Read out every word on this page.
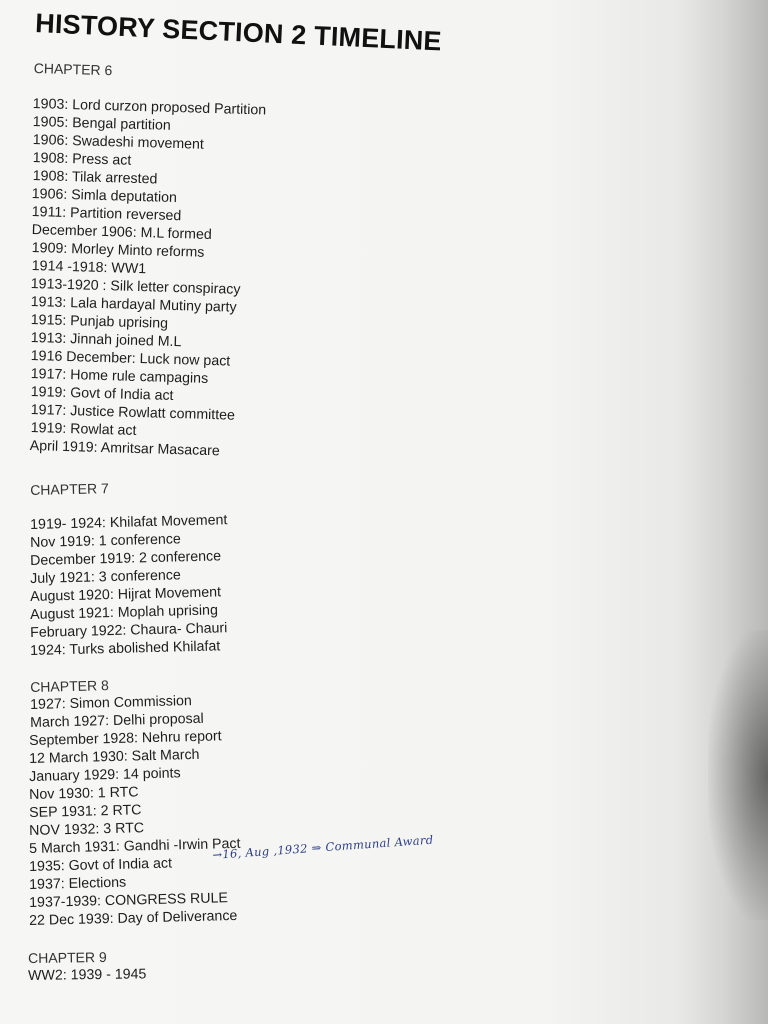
HISTORY SECTION 2 TIMELINE
CHAPTER 6
1903: Lord curzon proposed Partition
1905: Bengal partition
1906: Swadeshi movement
1908: Press act
1908: Tilak arrested
1906: Simla deputation
1911: Partition reversed
December 1906: M.L formed
1909: Morley Minto reforms
1914 -1918: WW1
1913-1920 : Silk letter conspiracy
1913: Lala hardayal Mutiny party
1915: Punjab uprising
1913: Jinnah joined M.L
1916 December: Luck now pact
1917: Home rule campagins
1919: Govt of India act
1917: Justice Rowlatt committee
1919: Rowlat act
April 1919: Amritsar Masacare
CHAPTER 7
1919- 1924: Khilafat Movement
Nov 1919: 1 conference
December 1919: 2 conference
July 1921: 3 conference
August 1920: Hijrat Movement
August 1921: Moplah uprising
February 1922: Chaura- Chauri
1924: Turks abolished Khilafat
CHAPTER 8
1927: Simon Commission
March 1927: Delhi proposal
September 1928: Nehru report
12 March 1930: Salt March
January 1929: 14 points
Nov 1930: 1 RTC
SEP 1931: 2 RTC
NOV 1932: 3 RTC
5 March 1931: Gandhi -Irwin Pact
1935: Govt of India act
1937: Elections
1937-1939: CONGRESS RULE
22 Dec 1939: Day of Deliverance
→16, Aug ,1932 ⇒ Communal Award
CHAPTER 9
WW2: 1939 - 1945
